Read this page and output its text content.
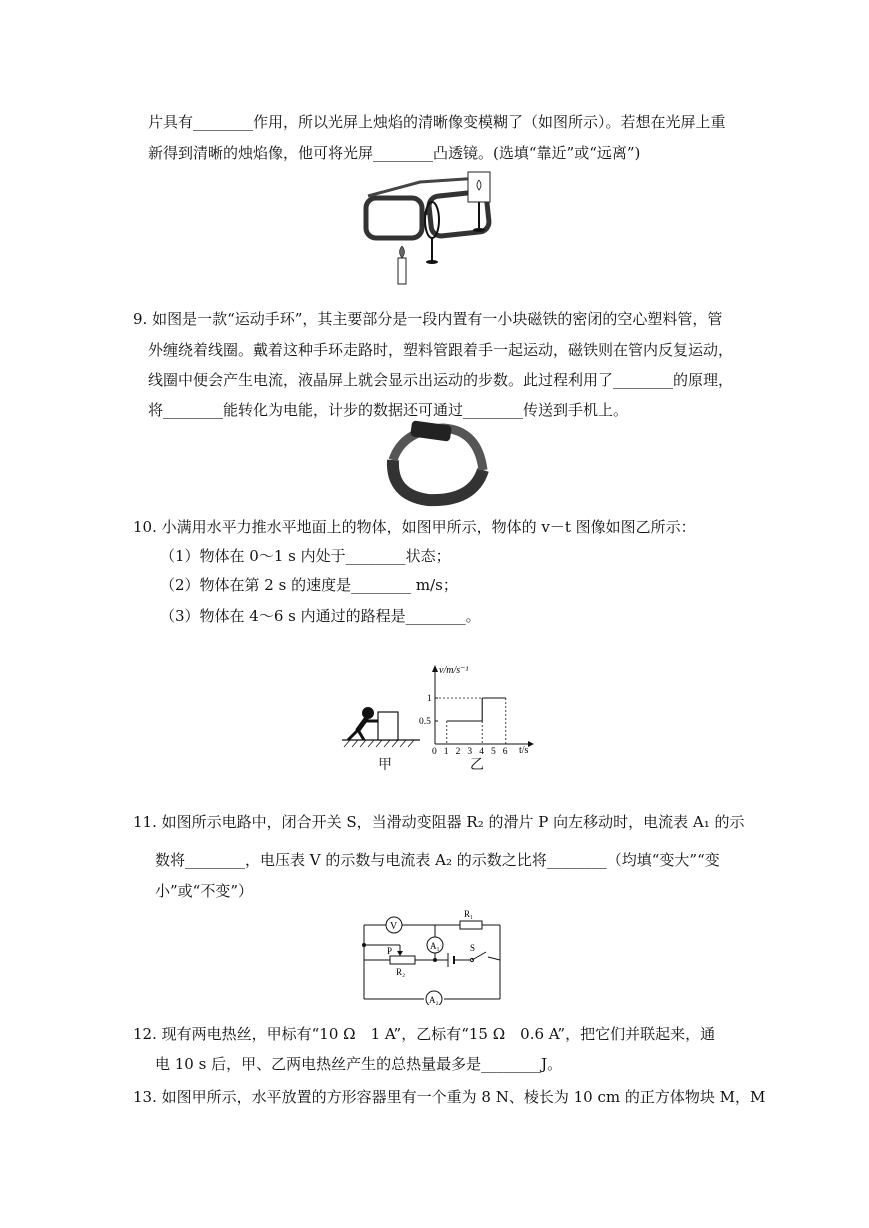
片具有________作用，所以光屏上烛焰的清晰像变模糊了（如图所示）。若想在光屏上重
新得到清晰的烛焰像，他可将光屏________凸透镜。(选填“靠近”或“远离”)
9. 如图是一款“运动手环”，其主要部分是一段内置有一小块磁铁的密闭的空心塑料管，管
外缠绕着线圈。戴着这种手环走路时，塑料管跟着手一起运动，磁铁则在管内反复运动，
线圈中便会产生电流，液晶屏上就会显示出运动的步数。此过程利用了________的原理，
将________能转化为电能，计步的数据还可通过________传送到手机上。
10. 小满用水平力推水平地面上的物体，如图甲所示，物体的 v－t 图像如图乙所示：
（1）物体在 0～1 s 内处于________状态；
（2）物体在第 2 s 的速度是________ m/s；
（3）物体在 4～6 s 内通过的路程是________。
甲
v/m/s⁻¹
t/s
0 1 2 3 4 5 6
0.5
1
乙
11. 如图所示电路中，闭合开关 S，当滑动变阻器 R₂ 的滑片 P 向左移动时，电流表 A₁ 的示
数将________，电压表 V 的示数与电流表 A₂ 的示数之比将________（均填“变大”“变
小”或“不变”）
V
R₁
A₁	S
P
R₂
A₂
12. 现有两电热丝，甲标有“10 Ω　1 A”，乙标有“15 Ω　0.6 A”，把它们并联起来，通
电 10 s 后，甲、乙两电热丝产生的总热量最多是________J。
13. 如图甲所示，水平放置的方形容器里有一个重为 8 N、棱长为 10 cm 的正方体物块 M，M
